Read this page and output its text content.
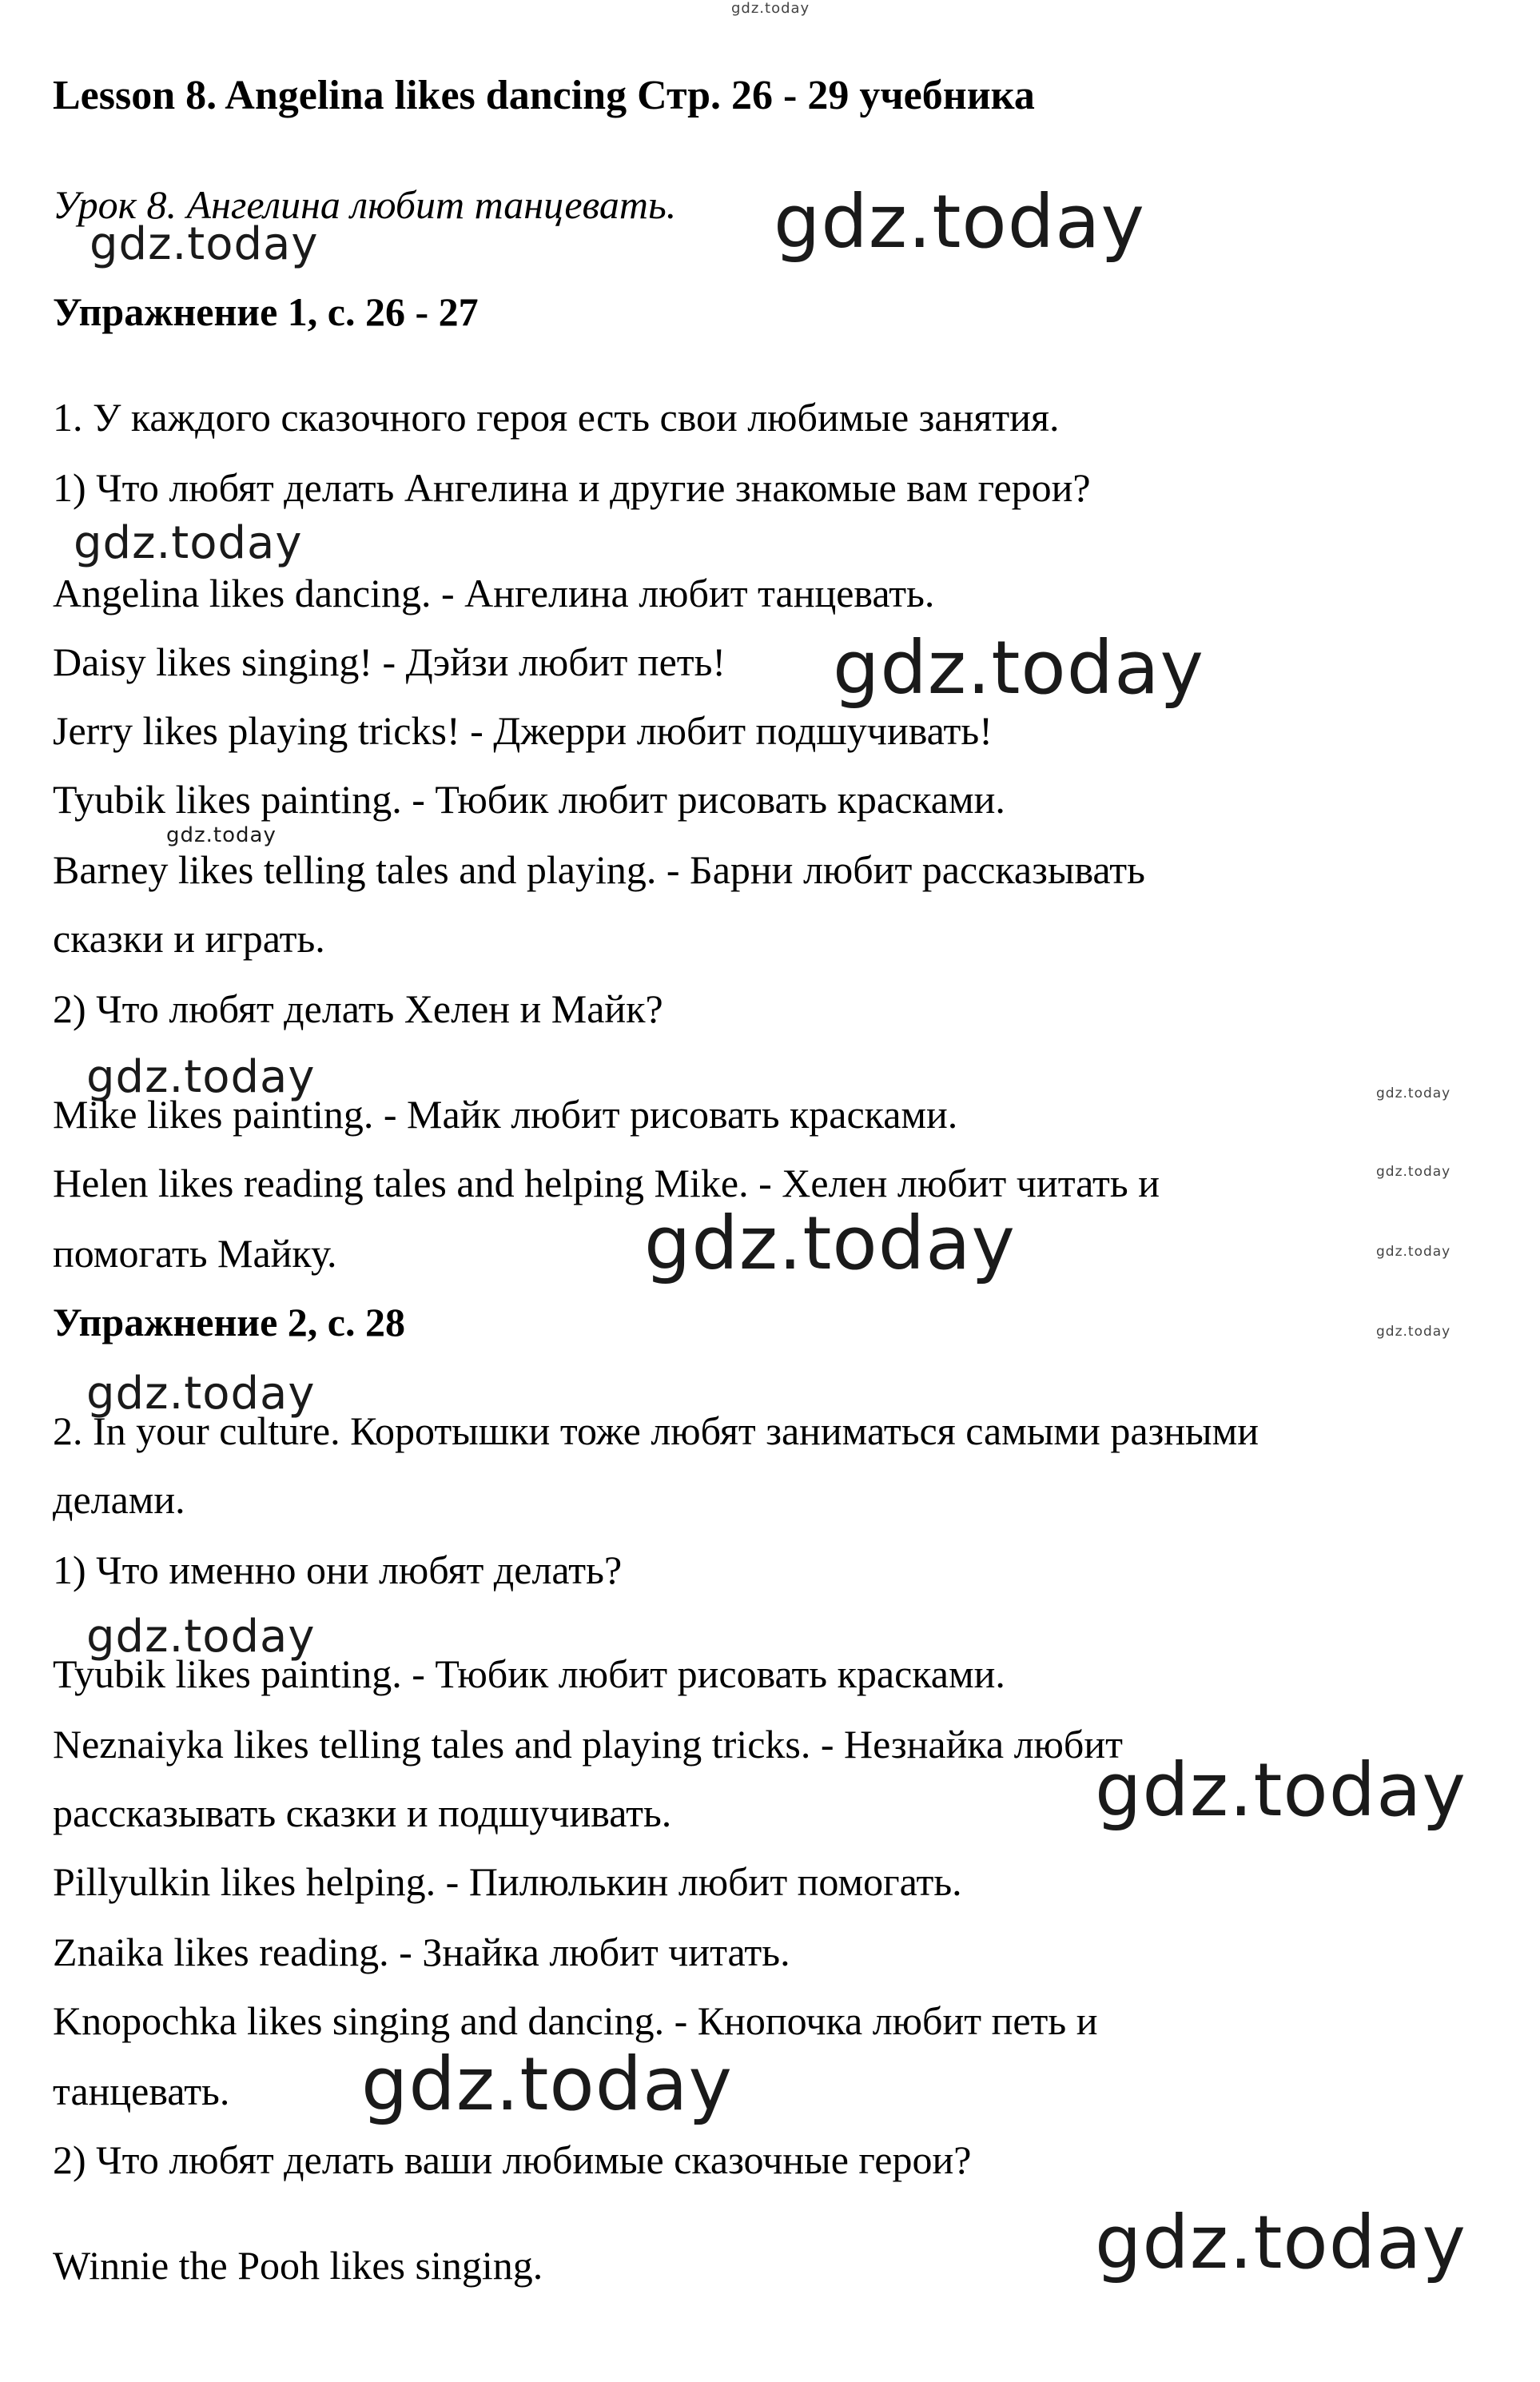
gdz.today
gdz.today
gdz.today
gdz.today
gdz.today
gdz.today
gdz.today	gdz.today
gdz.today
gdz.today	gdz.today
gdz.today
gdz.today
gdz.today
gdz.today
gdz.today
gdz.today
Lesson 8. Angelina likes dancing Стр. 26 - 29 учебника
Урок 8. Ангелина любит танцевать.
Упражнение 1, с. 26 - 27
1. У каждого сказочного героя есть свои любимые занятия.
1) Что любят делать Ангелина и другие знакомые вам герои?
Angelina likes dancing. - Ангелина любит танцевать.
Daisy likes singing! - Дэйзи любит петь!
Jerry likes playing tricks! - Джерри любит подшучивать!
Tyubik likes painting. - Тюбик любит рисовать красками.
Barney likes telling tales and playing. - Барни любит рассказывать
сказки и играть.
2) Что любят делать Хелен и Майк?
Mike likes painting. - Майк любит рисовать красками.
Helen likes reading tales and helping Mike. - Хелен любит читать и
помогать Майку.
Упражнение 2, с. 28
2. In your culture. Коротышки тоже любят заниматься самыми разными
делами.
1) Что именно они любят делать?
Tyubik likes painting. - Тюбик любит рисовать красками.
Neznaiyka likes telling tales and playing tricks. - Незнайка любит
рассказывать сказки и подшучивать.
Pillyulkin likes helping. - Пилюлькин любит помогать.
Znaika likes reading. - Знайка любит читать.
Knopochka likes singing and dancing. - Кнопочка любит петь и
танцевать.
2) Что любят делать ваши любимые сказочные герои?
Winnie the Pooh likes singing.
